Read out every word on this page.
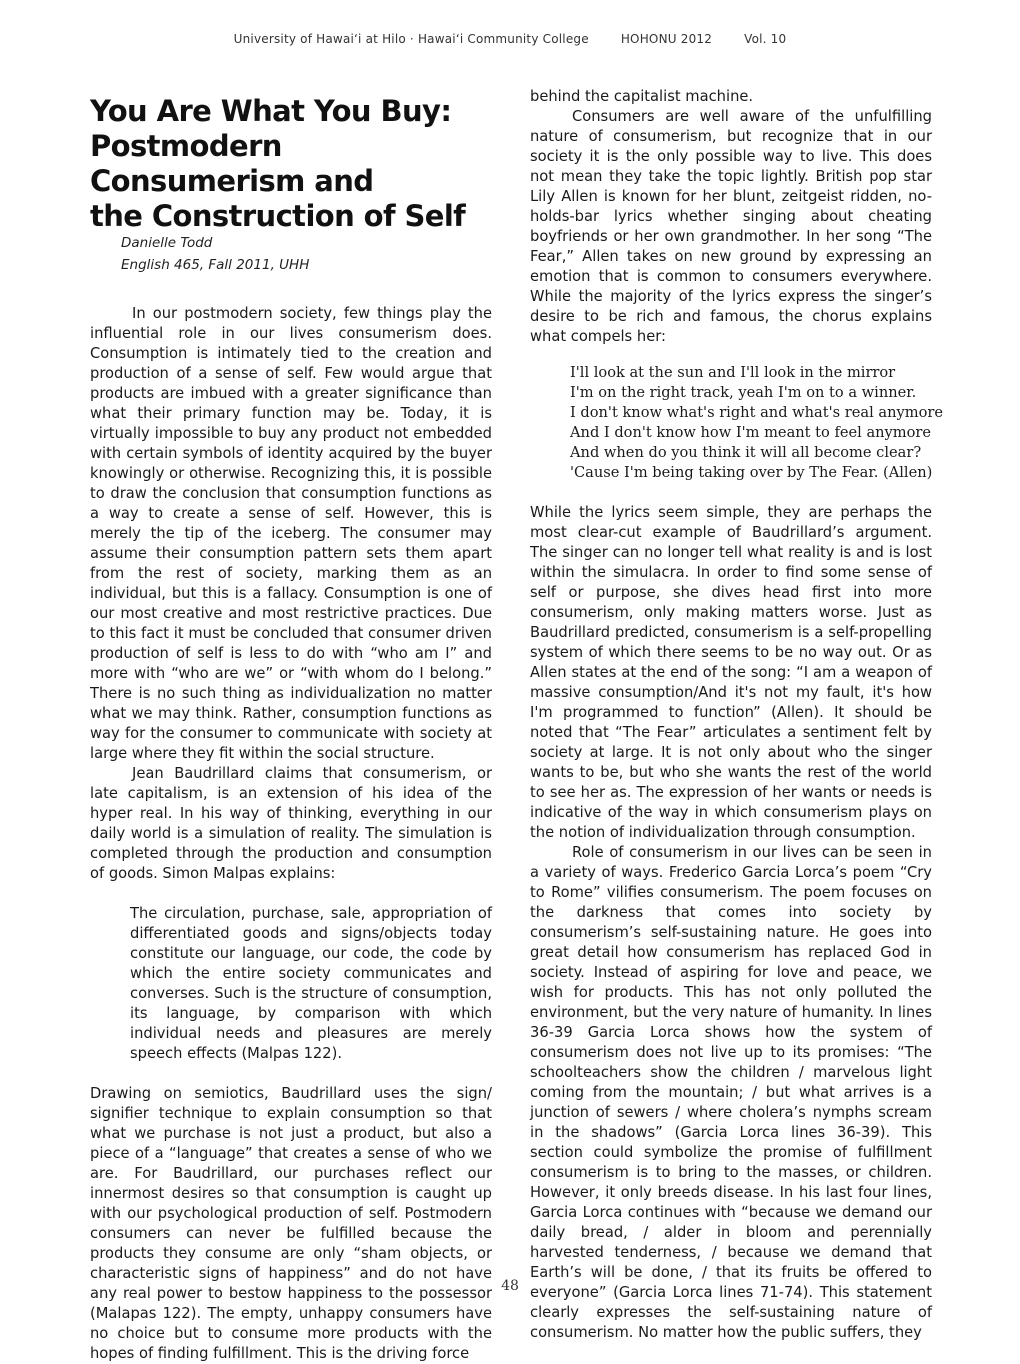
University of Hawai‘i at Hilo · Hawai‘i Community College	HOHONU 2012	Vol. 10
You Are What You Buy:
Postmodern Consumerism and
the Construction of Self
Danielle Todd
English 465, Fall 2011, UHH

In our postmodern society, few things play the influential role in our lives consumerism does. Consumption is intimately tied to the creation and production of a sense of self. Few would argue that products are imbued with a greater significance than what their primary function may be. Today, it is virtually impossible to buy any product not embedded with certain symbols of identity acquired by the buyer knowingly or otherwise. Recognizing this, it is possible to draw the conclusion that consumption functions as a way to create a sense of self. However, this is merely the tip of the iceberg. The consumer may assume their consumption pattern sets them apart from the rest of society, marking them as an individual, but this is a fallacy. Consumption is one of our most creative and most restrictive practices. Due to this fact it must be concluded that consumer driven production of self is less to do with “who am I” and more with “who are we” or “with whom do I belong.” There is no such thing as individualization no matter what we may think. Rather, consumption functions as way for the consumer to communicate with society at large where they fit within the social structure.

Jean Baudrillard claims that consumerism, or late capitalism, is an extension of his idea of the hyper real. In his way of thinking, everything in our daily world is a simulation of reality. The simulation is completed through the production and consumption of goods. Simon Malpas explains:

The circulation, purchase, sale, appropriation of differentiated goods and signs/objects today constitute our language, our code, the code by which the entire society communicates and converses. Such is the structure of consumption, its language, by comparison with which individual needs and pleasures are merely speech effects (Malpas 122).

Drawing on semiotics, Baudrillard uses the sign/ signifier technique to explain consumption so that what we purchase is not just a product, but also a piece of a “language” that creates a sense of who we are. For Baudrillard, our purchases reflect our innermost desires so that consumption is caught up with our psychological production of self. Postmodern consumers can never be fulfilled because the products they consume are only “sham objects, or characteristic signs of happiness” and do not have any real power to bestow happiness to the possessor (Malapas 122). The empty, unhappy consumers have no choice but to consume more products with the hopes of finding fulfillment. This is the driving force

behind the capitalist machine.

Consumers are well aware of the unfulfilling nature of consumerism, but recognize that in our society it is the only possible way to live. This does not mean they take the topic lightly. British pop star Lily Allen is known for her blunt, zeitgeist ridden, no-holds-bar lyrics whether singing about cheating boyfriends or her own grandmother. In her song “The Fear,” Allen takes on new ground by expressing an emotion that is common to consumers everywhere. While the majority of the lyrics express the singer’s desire to be rich and famous, the chorus explains what compels her:

I'll look at the sun and I'll look in the mirror
I'm on the right track, yeah I'm on to a winner.
I don't know what's right and what's real anymore
And I don't know how I'm meant to feel anymore
And when do you think it will all become clear?
'Cause I'm being taking over by The Fear. (Allen)

While the lyrics seem simple, they are perhaps the most clear-cut example of Baudrillard’s argument. The singer can no longer tell what reality is and is lost within the simulacra. In order to find some sense of self or purpose, she dives head first into more consumerism, only making matters worse. Just as Baudrillard predicted, consumerism is a self-propelling system of which there seems to be no way out. Or as Allen states at the end of the song: “I am a weapon of massive consumption/And it's not my fault, it's how I'm programmed to function” (Allen). It should be noted that “The Fear” articulates a sentiment felt by society at large. It is not only about who the singer wants to be, but who she wants the rest of the world to see her as. The expression of her wants or needs is indicative of the way in which consumerism plays on the notion of individualization through consumption.

Role of consumerism in our lives can be seen in a variety of ways. Frederico Garcia Lorca’s poem “Cry to Rome” vilifies consumerism. The poem focuses on the darkness that comes into society by consumerism’s self-sustaining nature. He goes into great detail how consumerism has replaced God in society. Instead of aspiring for love and peace, we wish for products. This has not only polluted the environment, but the very nature of humanity. In lines 36-39 Garcia Lorca shows how the system of consumerism does not live up to its promises: “The schoolteachers show the children / marvelous light coming from the mountain; / but what arrives is a junction of sewers / where cholera’s nymphs scream in the shadows” (Garcia Lorca lines 36-39). This section could symbolize the promise of fulfillment consumerism is to bring to the masses, or children. However, it only breeds disease. In his last four lines, Garcia Lorca continues with “because we demand our daily bread, / alder in bloom and perennially harvested tenderness, / because we demand that Earth’s will be done, / that its fruits be offered to everyone” (Garcia Lorca lines 71-74). This statement clearly expresses the self-sustaining nature of consumerism. No matter how the public suffers, they

48
